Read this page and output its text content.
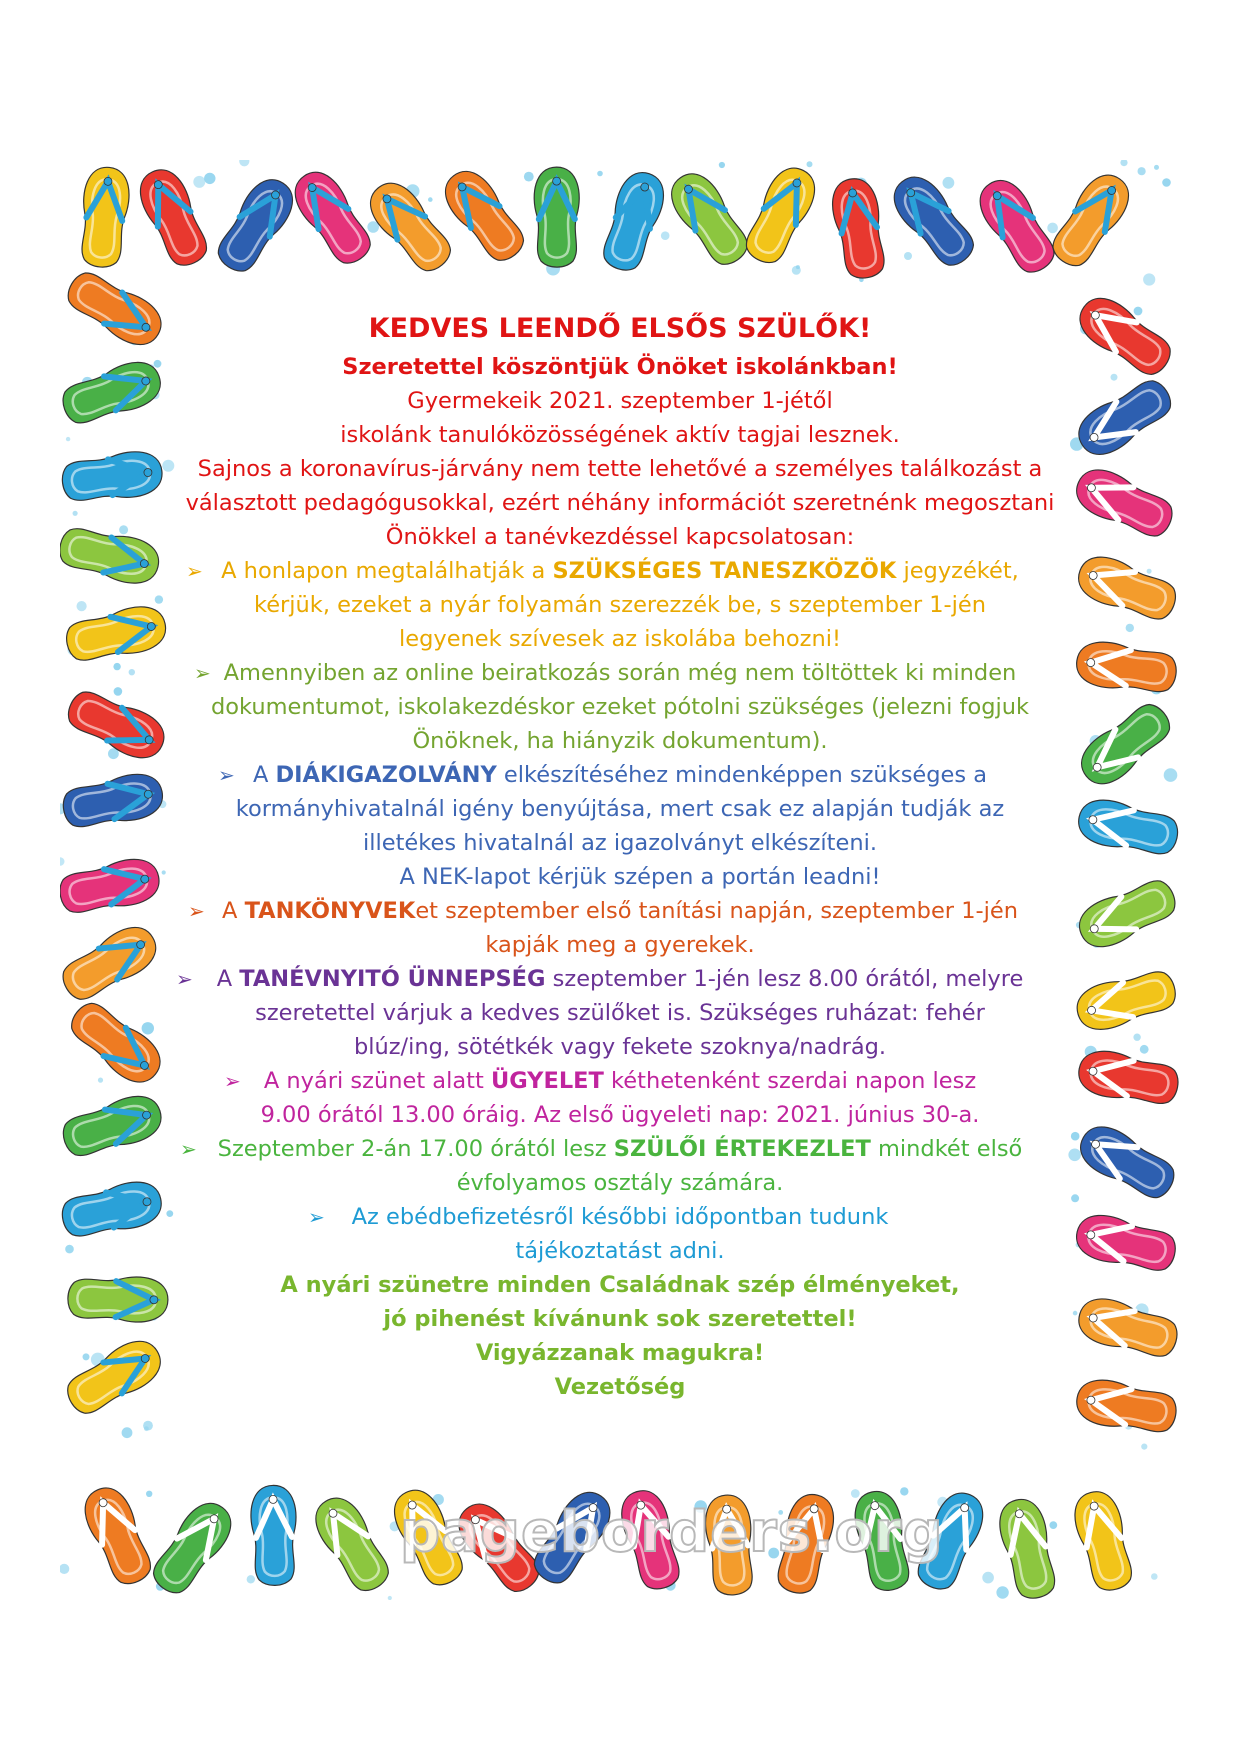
KEDVES LEENDŐ ELSŐS SZÜLŐK!
Szeretettel köszöntjük Önöket iskolánkban!
Gyermekeik 2021. szeptember 1-jétől
iskolánk tanulóközösségének aktív tagjai lesznek.
Sajnos a koronavírus-járvány nem tette lehetővé a személyes találkozást a
választott pedagógusokkal, ezért néhány információt szeretnénk megosztani
Önökkel a tanévkezdéssel kapcsolatosan:
➢ A honlapon megtalálhatják a SZÜKSÉGES TANESZKÖZÖK jegyzékét,
kérjük, ezeket a nyár folyamán szerezzék be, s szeptember 1-jén
legyenek szívesek az iskolába behozni!
➢ Amennyiben az online beiratkozás során még nem töltöttek ki minden
dokumentumot, iskolakezdéskor ezeket pótolni szükséges (jelezni fogjuk
Önöknek, ha hiányzik dokumentum).
➢ A DIÁKIGAZOLVÁNY elkészítéséhez mindenképpen szükséges a
kormányhivatalnál igény benyújtása, mert csak ez alapján tudják az
illetékes hivatalnál az igazolványt elkészíteni.
A NEK-lapot kérjük szépen a portán leadni!
➢ A TANKÖNYVEKet szeptember első tanítási napján, szeptember 1-jén
kapják meg a gyerekek.
➢ A TANÉVNYITÓ ÜNNEPSÉG szeptember 1-jén lesz 8.00 órától, melyre
szeretettel várjuk a kedves szülőket is. Szükséges ruházat: fehér
blúz/ing, sötétkék vagy fekete szoknya/nadrág.
➢ A nyári szünet alatt ÜGYELET kéthetenként szerdai napon lesz
9.00 órától 13.00 óráig. Az első ügyeleti nap: 2021. június 30-a.
➢ Szeptember 2-án 17.00 órától lesz SZÜLŐI ÉRTEKEZLET mindkét első
évfolyamos osztály számára.
➢ Az ebédbefizetésről későbbi időpontban tudunk
tájékoztatást adni.
A nyári szünetre minden Családnak szép élményeket,
jó pihenést kívánunk sok szeretettel!
Vigyázzanak magukra!
Vezetőség
pageborders.org
